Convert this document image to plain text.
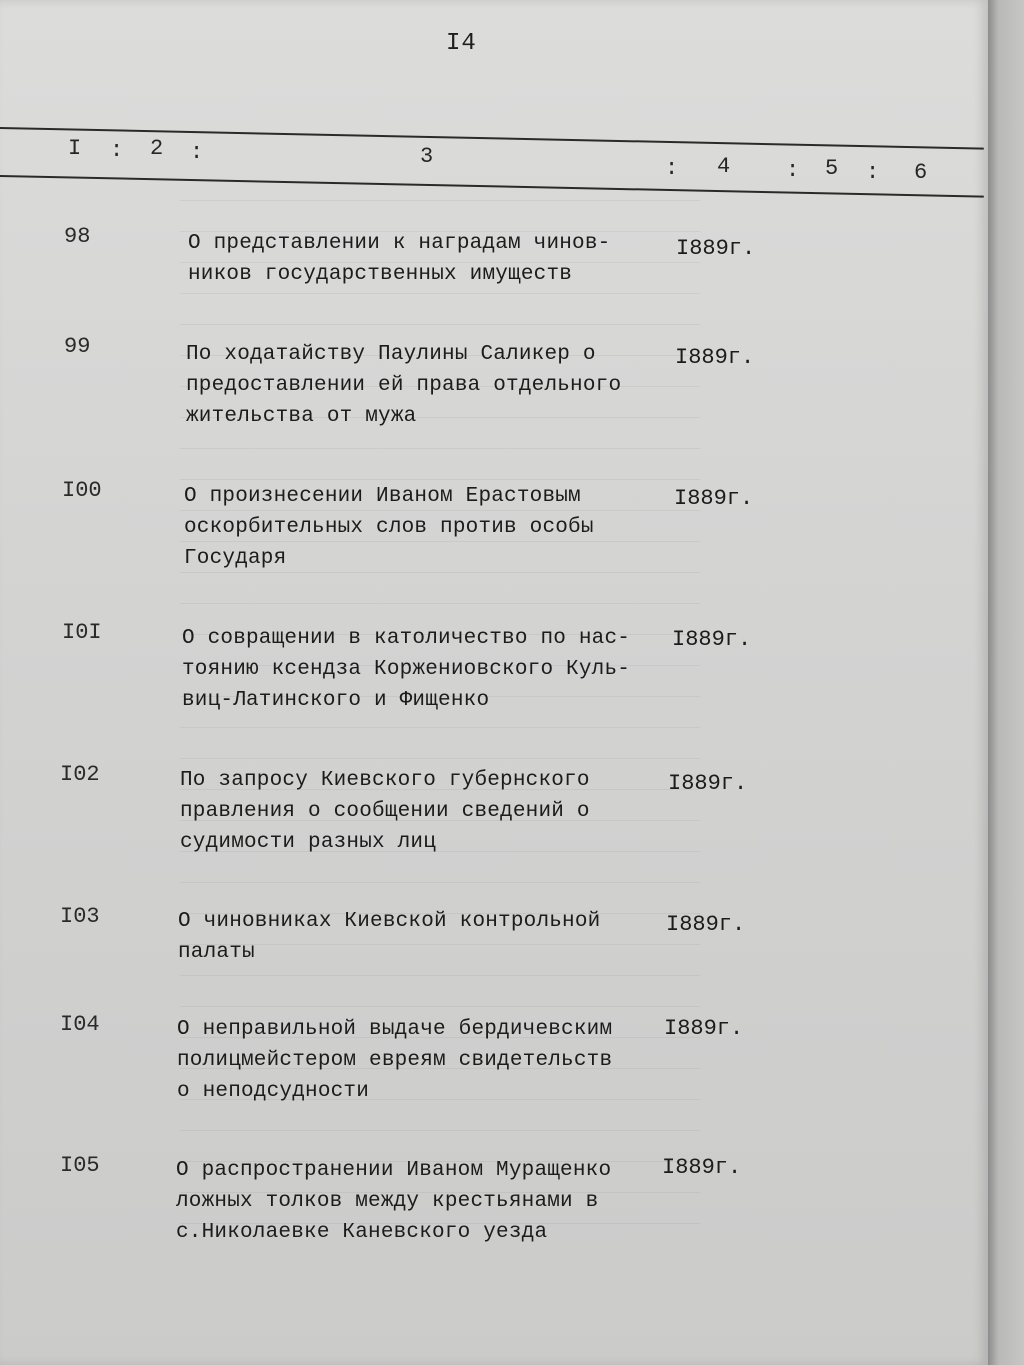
I4
I : 2 :	3	: 4	: 5 : 6
98	О представлении к наградам чинов-
ников государственных имуществ
I889г.
99	По ходатайству Паулины Саликер о
предоставлении ей права отдельного
жительства от мужа
I889г.
I00	О произнесении Иваном Ерастовым
оскорбительных слов против особы
Государя
I889г.
I0I	О совращении в католичество по нас-
тоянию ксендза Коржениовского Куль-
виц-Латинского и Фищенко
I889г.
I02	По запросу Киевского губернского
правления о сообщении сведений о
судимости разных лиц
I889г.
I03	О чиновниках Киевской контрольной
палаты
I889г.
I04	О неправильной выдаче бердичевским
полицмейстером евреям свидетельств
о неподсудности
I889г.
I05	О распространении Иваном Муращенко
ложных толков между крестьянами в
с.Николаевке Каневского уезда
I889г.
